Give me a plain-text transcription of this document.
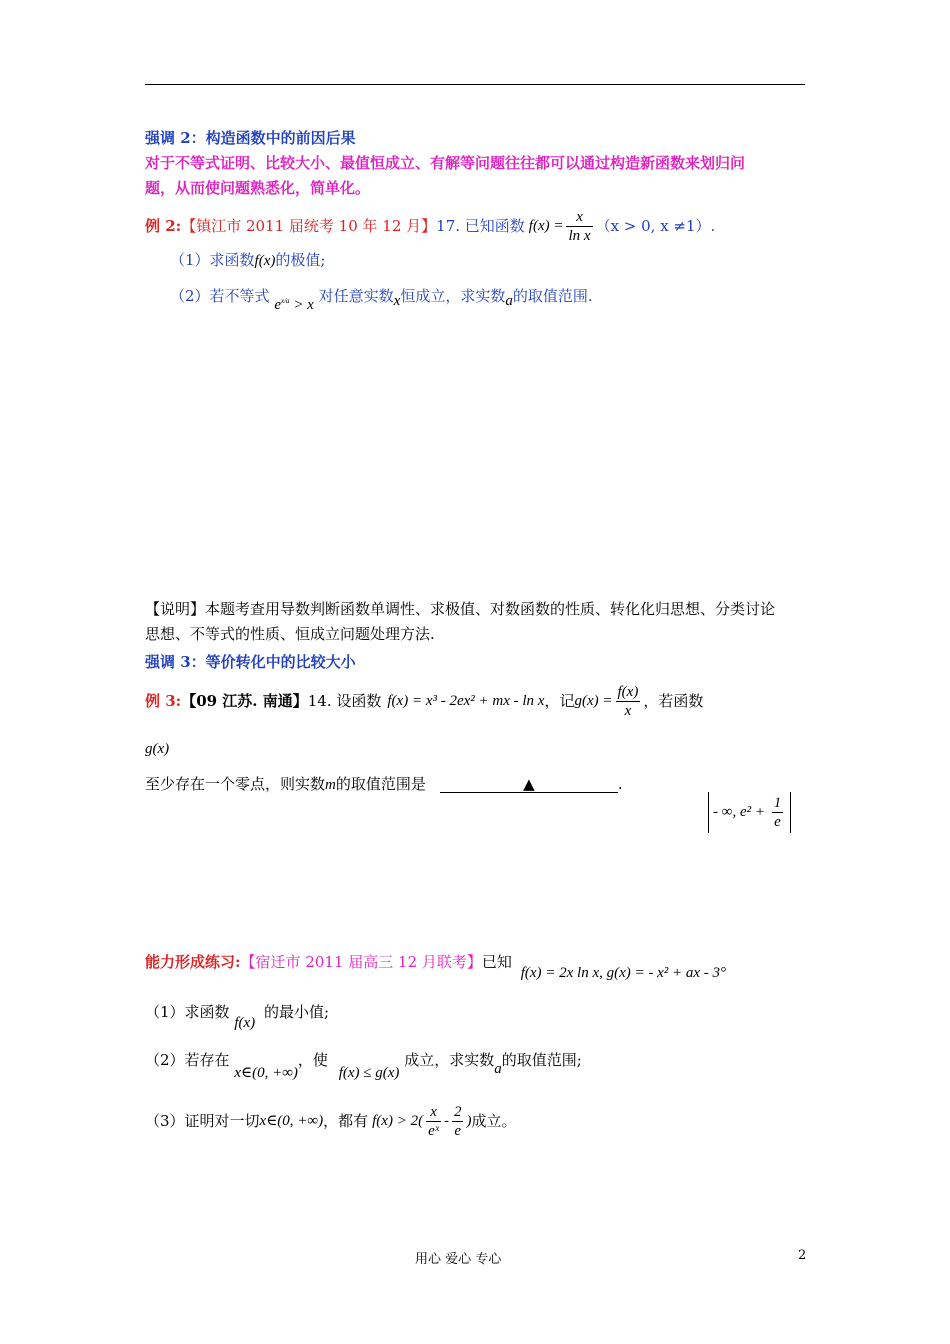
强调 2：构造函数中的前因后果
对于不等式证明、比较大小、最值恒成立、有解等问题往往都可以通过构造新函数来划归问
题，从而使问题熟悉化，简单化。
例 2: 【镇江市 2011 届统考 10 年 12 月】 17. 已知函数 $f(x) = \frac{x}{\text{ln x}} (x > 0$, x ≠1）.
（1）求函数f(x)的极值;
（2）若不等式 $e^{x/a} > x$ 对任意实数x恒成立，求实数a的取值范围.
【说明】本题考查用导数判断函数单调性、求极值、对数函数的性质、转化化归思想、分类讨论
思想、不等式的性质、恒成立问题处理方法.
强调 3：等价转化中的比较大小
例 3: 【09 江苏. 南通】 14. 设函数 f(x) = x³ - 2ex² + mx - ln x ，记 $g(x) = \frac{f(x)}{x}$ ，若函数
g(x)
至少存在一个零点，则实数m的取值范围是	▲	.
- ∞, $e^2 + \frac{1}{e}$
能力形成练习:【宿迁市 2011 届高三 12 月联考】已知 f(x) = 2x ln x, g(x) = - x² + ax - 3°
（1）求函数 f(x) 的最小值;
（2）若存在 x∈(0, +∞)，使 f(x) ≤ g(x) 成立，求实数a的取值范围;
（3）证明对一切 x∈(0, +∞) ，都有 $f(x) > 2( \frac{x}{\text{eˣ}} - \frac{2}{e}$ ) 成立。
用心 爱心 专心	2
